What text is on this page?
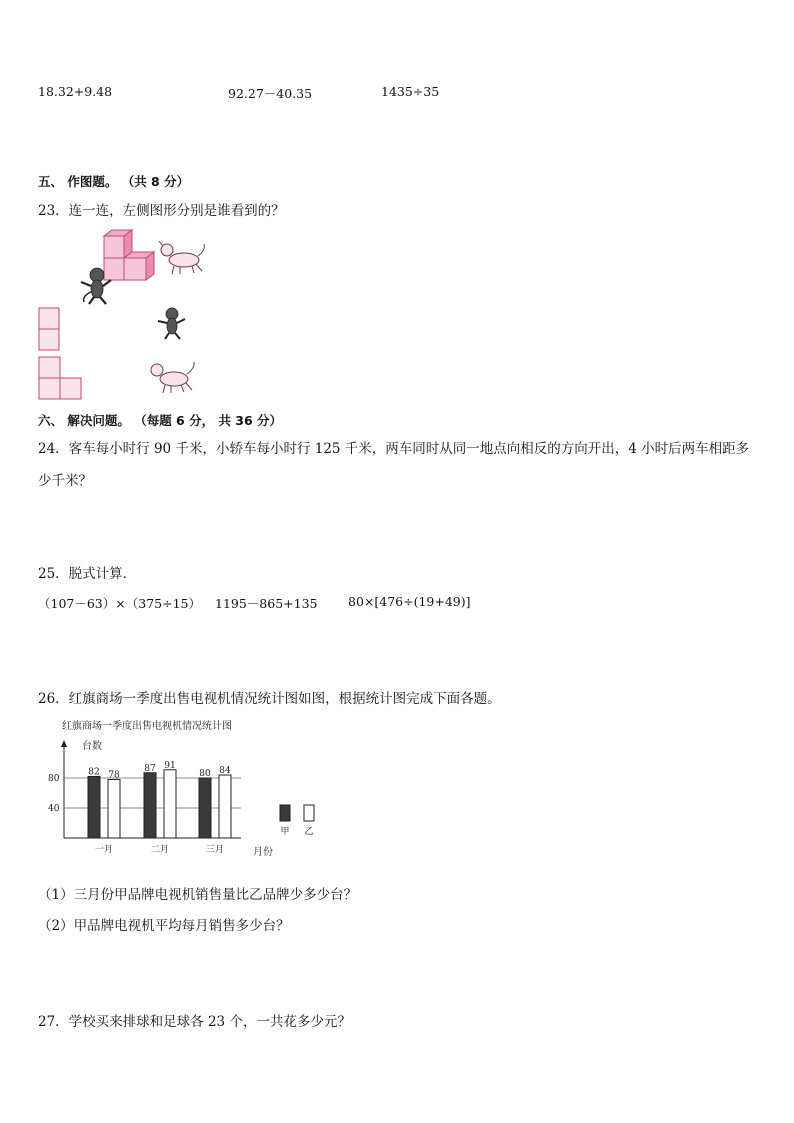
18.32+9.48	92.27－40.35	1435÷35
五、 作图题。 （共 8 分）
23．连一连，左侧图形分别是谁看到的？
六、 解决问题。 （每题 6 分， 共 36 分）
24．客车每小时行 90 千米，小轿车每小时行 125 千米，两车同时从同一地点向相反的方向开出，4 小时后两车相距多
少千米？
25．脱式计算．
（107－63）×（375÷15） 1195－865+135 80×[476÷(19+49)]
26．红旗商场一季度出售电视机情况统计图如图，根据统计图完成下面各题。
红旗商场一季度出售电视机情况统计图
台数
月份
40
80
82 78
一月
87 91
二月
80 84
三月
甲 乙
（1）三月份甲品牌电视机销售量比乙品牌少多少台？
（2）甲品牌电视机平均每月销售多少台？
27．学校买来排球和足球各 23 个，一共花多少元？
